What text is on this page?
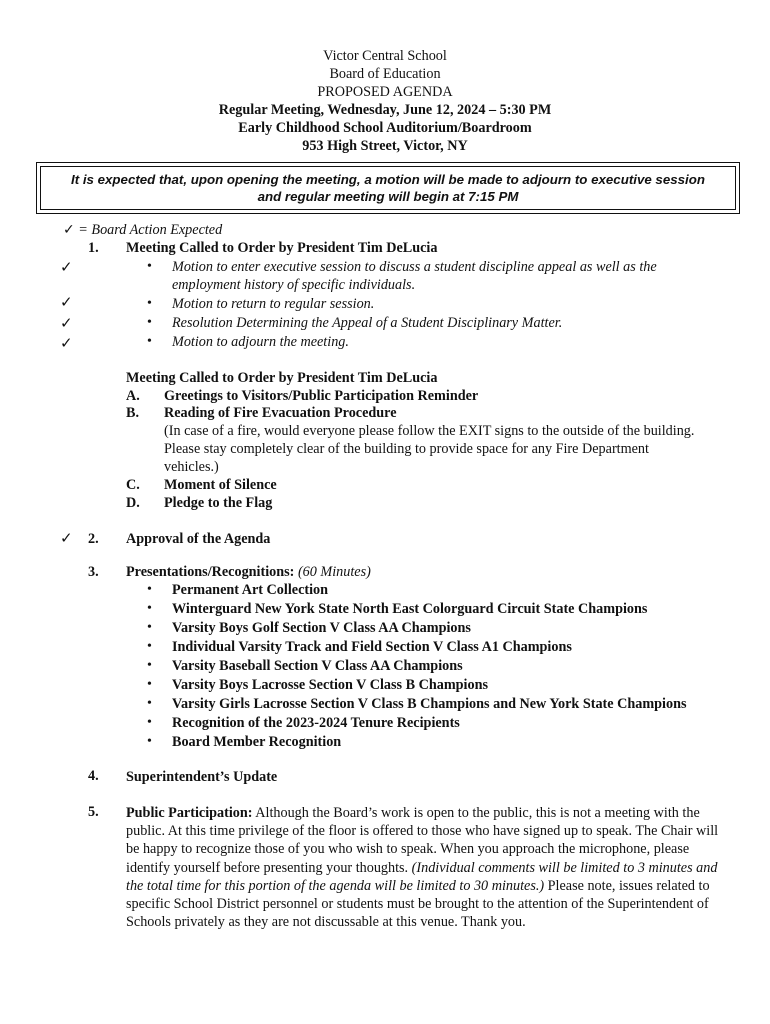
Victor Central School
Board of Education
PROPOSED AGENDA
Regular Meeting, Wednesday, June 12, 2024 – 5:30 PM
Early Childhood School Auditorium/Boardroom
953 High Street, Victor, NY
It is expected that, upon opening the meeting, a motion will be made to adjourn to executive session
and regular meeting will begin at 7:15 PM
✓ = Board Action Expected
1. Meeting Called to Order by President Tim DeLucia
✓
✓
✓
✓
• Motion to enter executive session to discuss a student discipline appeal as well as the
employment history of specific individuals.
• Motion to return to regular session.
• Resolution Determining the Appeal of a Student Disciplinary Matter.
• Motion to adjourn the meeting.
Meeting Called to Order by President Tim DeLucia
A. Greetings to Visitors/Public Participation Reminder
B. Reading of Fire Evacuation Procedure
(In case of a fire, would everyone please follow the EXIT signs to the outside of the building.
Please stay completely clear of the building to provide space for any Fire Department
vehicles.)
C. Moment of Silence
D. Pledge to the Flag
✓ 2. Approval of the Agenda
3. Presentations/Recognitions: (60 Minutes)
• Permanent Art Collection
• Winterguard New York State North East Colorguard Circuit State Champions
• Varsity Boys Golf Section V Class AA Champions
• Individual Varsity Track and Field Section V Class A1 Champions
• Varsity Baseball Section V Class AA Champions
• Varsity Boys Lacrosse Section V Class B Champions
• Varsity Girls Lacrosse Section V Class B Champions and New York State Champions
• Recognition of the 2023-2024 Tenure Recipients
• Board Member Recognition
4. Superintendent’s Update
5. Public Participation: Although the Board’s work is open to the public, this is not a meeting with the public. At this time privilege of the floor is offered to those who have signed up to speak. The Chair will be happy to recognize those of you who wish to speak. When you approach the microphone, please identify yourself before presenting your thoughts. (Individual comments will be limited to 3 minutes and the total time for this portion of the agenda will be limited to 30 minutes.) Please note, issues related to specific School District personnel or students must be brought to the attention of the Superintendent of Schools privately as they are not discussable at this venue. Thank you.
